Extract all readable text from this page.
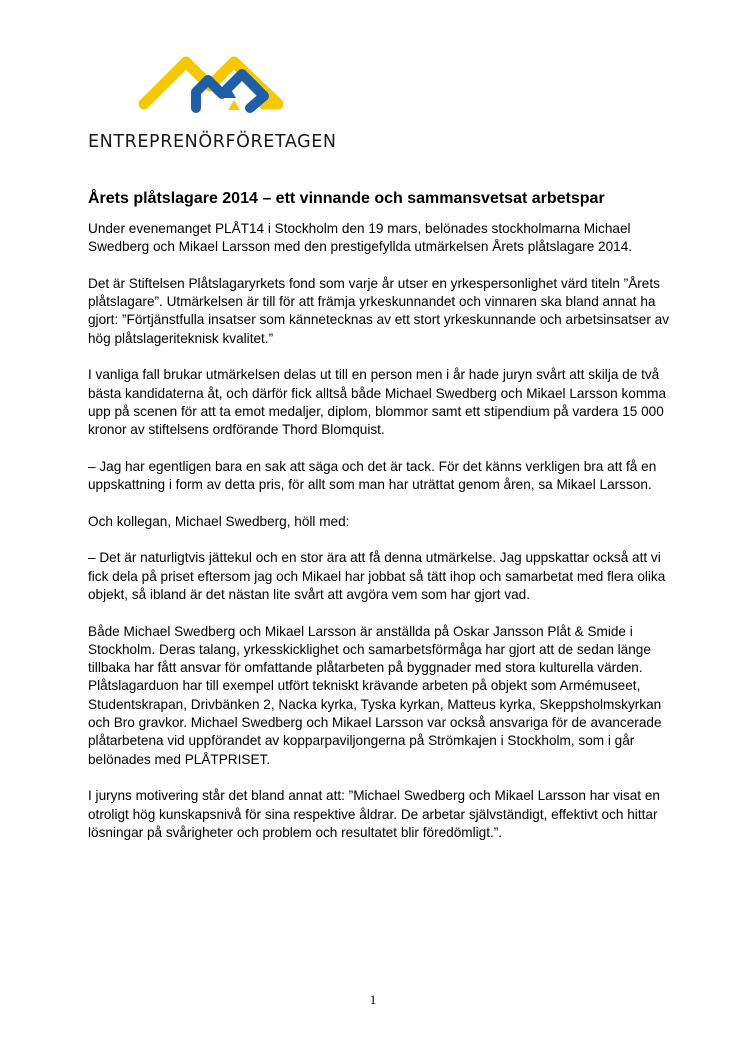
ENTREPRENÖRFÖRETAGEN
Årets plåtslagare 2014 – ett vinnande och sammansvetsat arbetspar

Under evenemanget PLÅT14 i Stockholm den 19 mars, belönades stockholmarna Michael Swedberg och Mikael Larsson med den prestigefyllda utmärkelsen Årets plåtslagare 2014.

Det är Stiftelsen Plåtslagaryrkets fond som varje år utser en yrkespersonlighet värd titeln ”Årets plåtslagare”. Utmärkelsen är till för att främja yrkeskunnandet och vinnaren ska bland annat ha gjort: ”Förtjänstfulla insatser som kännetecknas av ett stort yrkeskunnande och arbetsinsatser av hög plåtslageriteknisk kvalitet.”

I vanliga fall brukar utmärkelsen delas ut till en person men i år hade juryn svårt att skilja de två bästa kandidaterna åt, och därför fick alltså både Michael Swedberg och Mikael Larsson komma upp på scenen för att ta emot medaljer, diplom, blommor samt ett stipendium på vardera 15 000 kronor av stiftelsens ordförande Thord Blomquist.

– Jag har egentligen bara en sak att säga och det är tack. För det känns verkligen bra att få en uppskattning i form av detta pris, för allt som man har uträttat genom åren, sa Mikael Larsson.

Och kollegan, Michael Swedberg, höll med:

– Det är naturligtvis jättekul och en stor ära att få denna utmärkelse. Jag uppskattar också att vi fick dela på priset eftersom jag och Mikael har jobbat så tätt ihop och samarbetat med flera olika objekt, så ibland är det nästan lite svårt att avgöra vem som har gjort vad.

Både Michael Swedberg och Mikael Larsson är anställda på Oskar Jansson Plåt & Smide i Stockholm. Deras talang, yrkesskicklighet och samarbetsförmåga har gjort att de sedan länge tillbaka har fått ansvar för omfattande plåtarbeten på byggnader med stora kulturella värden. Plåtslagarduon har till exempel utfört tekniskt krävande arbeten på objekt som Armémuseet, Studentskrapan, Drivbänken 2, Nacka kyrka, Tyska kyrkan, Matteus kyrka, Skeppsholmskyrkan och Bro gravkor. Michael Swedberg och Mikael Larsson var också ansvariga för de avancerade plåtarbetena vid uppförandet av kopparpaviljongerna på Strömkajen i Stockholm, som i går belönades med PLÅTPRISET.

I juryns motivering står det bland annat att: ”Michael Swedberg och Mikael Larsson har visat en otroligt hög kunskapsnivå för sina respektive åldrar. De arbetar självständigt, effektivt och hittar lösningar på svårigheter och problem och resultatet blir föredömligt.”.

1
